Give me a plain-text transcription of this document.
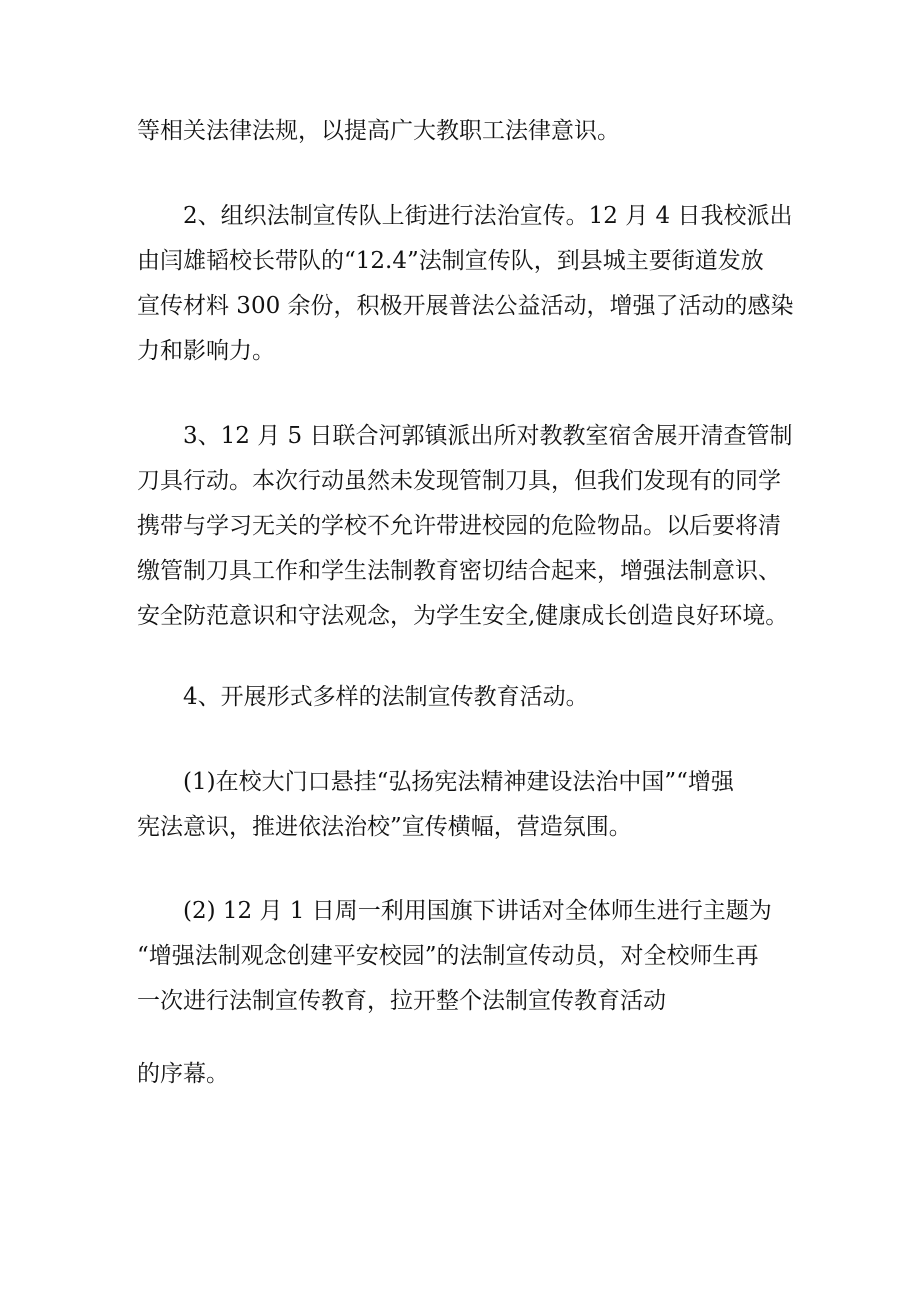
等相关法律法规，以提高广大教职工法律意识。

2、组织法制宣传队上街进行法治宣传。12 月 4 日我校派出

由闫雄韬校长带队的“12.4”法制宣传队，到县城主要街道发放

宣传材料 300 余份，积极开展普法公益活动，增强了活动的感染

力和影响力。

3、12 月 5 日联合河郭镇派出所对教教室宿舍展开清查管制

刀具行动。本次行动虽然未发现管制刀具，但我们发现有的同学

携带与学习无关的学校不允许带进校园的危险物品。以后要将清

缴管制刀具工作和学生法制教育密切结合起来，增强法制意识、

安全防范意识和守法观念，为学生安全,健康成长创造良好环境。

4、开展形式多样的法制宣传教育活动。

(1)在校大门口悬挂“弘扬宪法精神建设法治中国”“增强

宪法意识，推进依法治校”宣传横幅，营造氛围。

(2) 12 月 1 日周一利用国旗下讲话对全体师生进行主题为

“增强法制观念创建平安校园”的法制宣传动员，对全校师生再

一次进行法制宣传教育，拉开整个法制宣传教育活动

的序幕。
